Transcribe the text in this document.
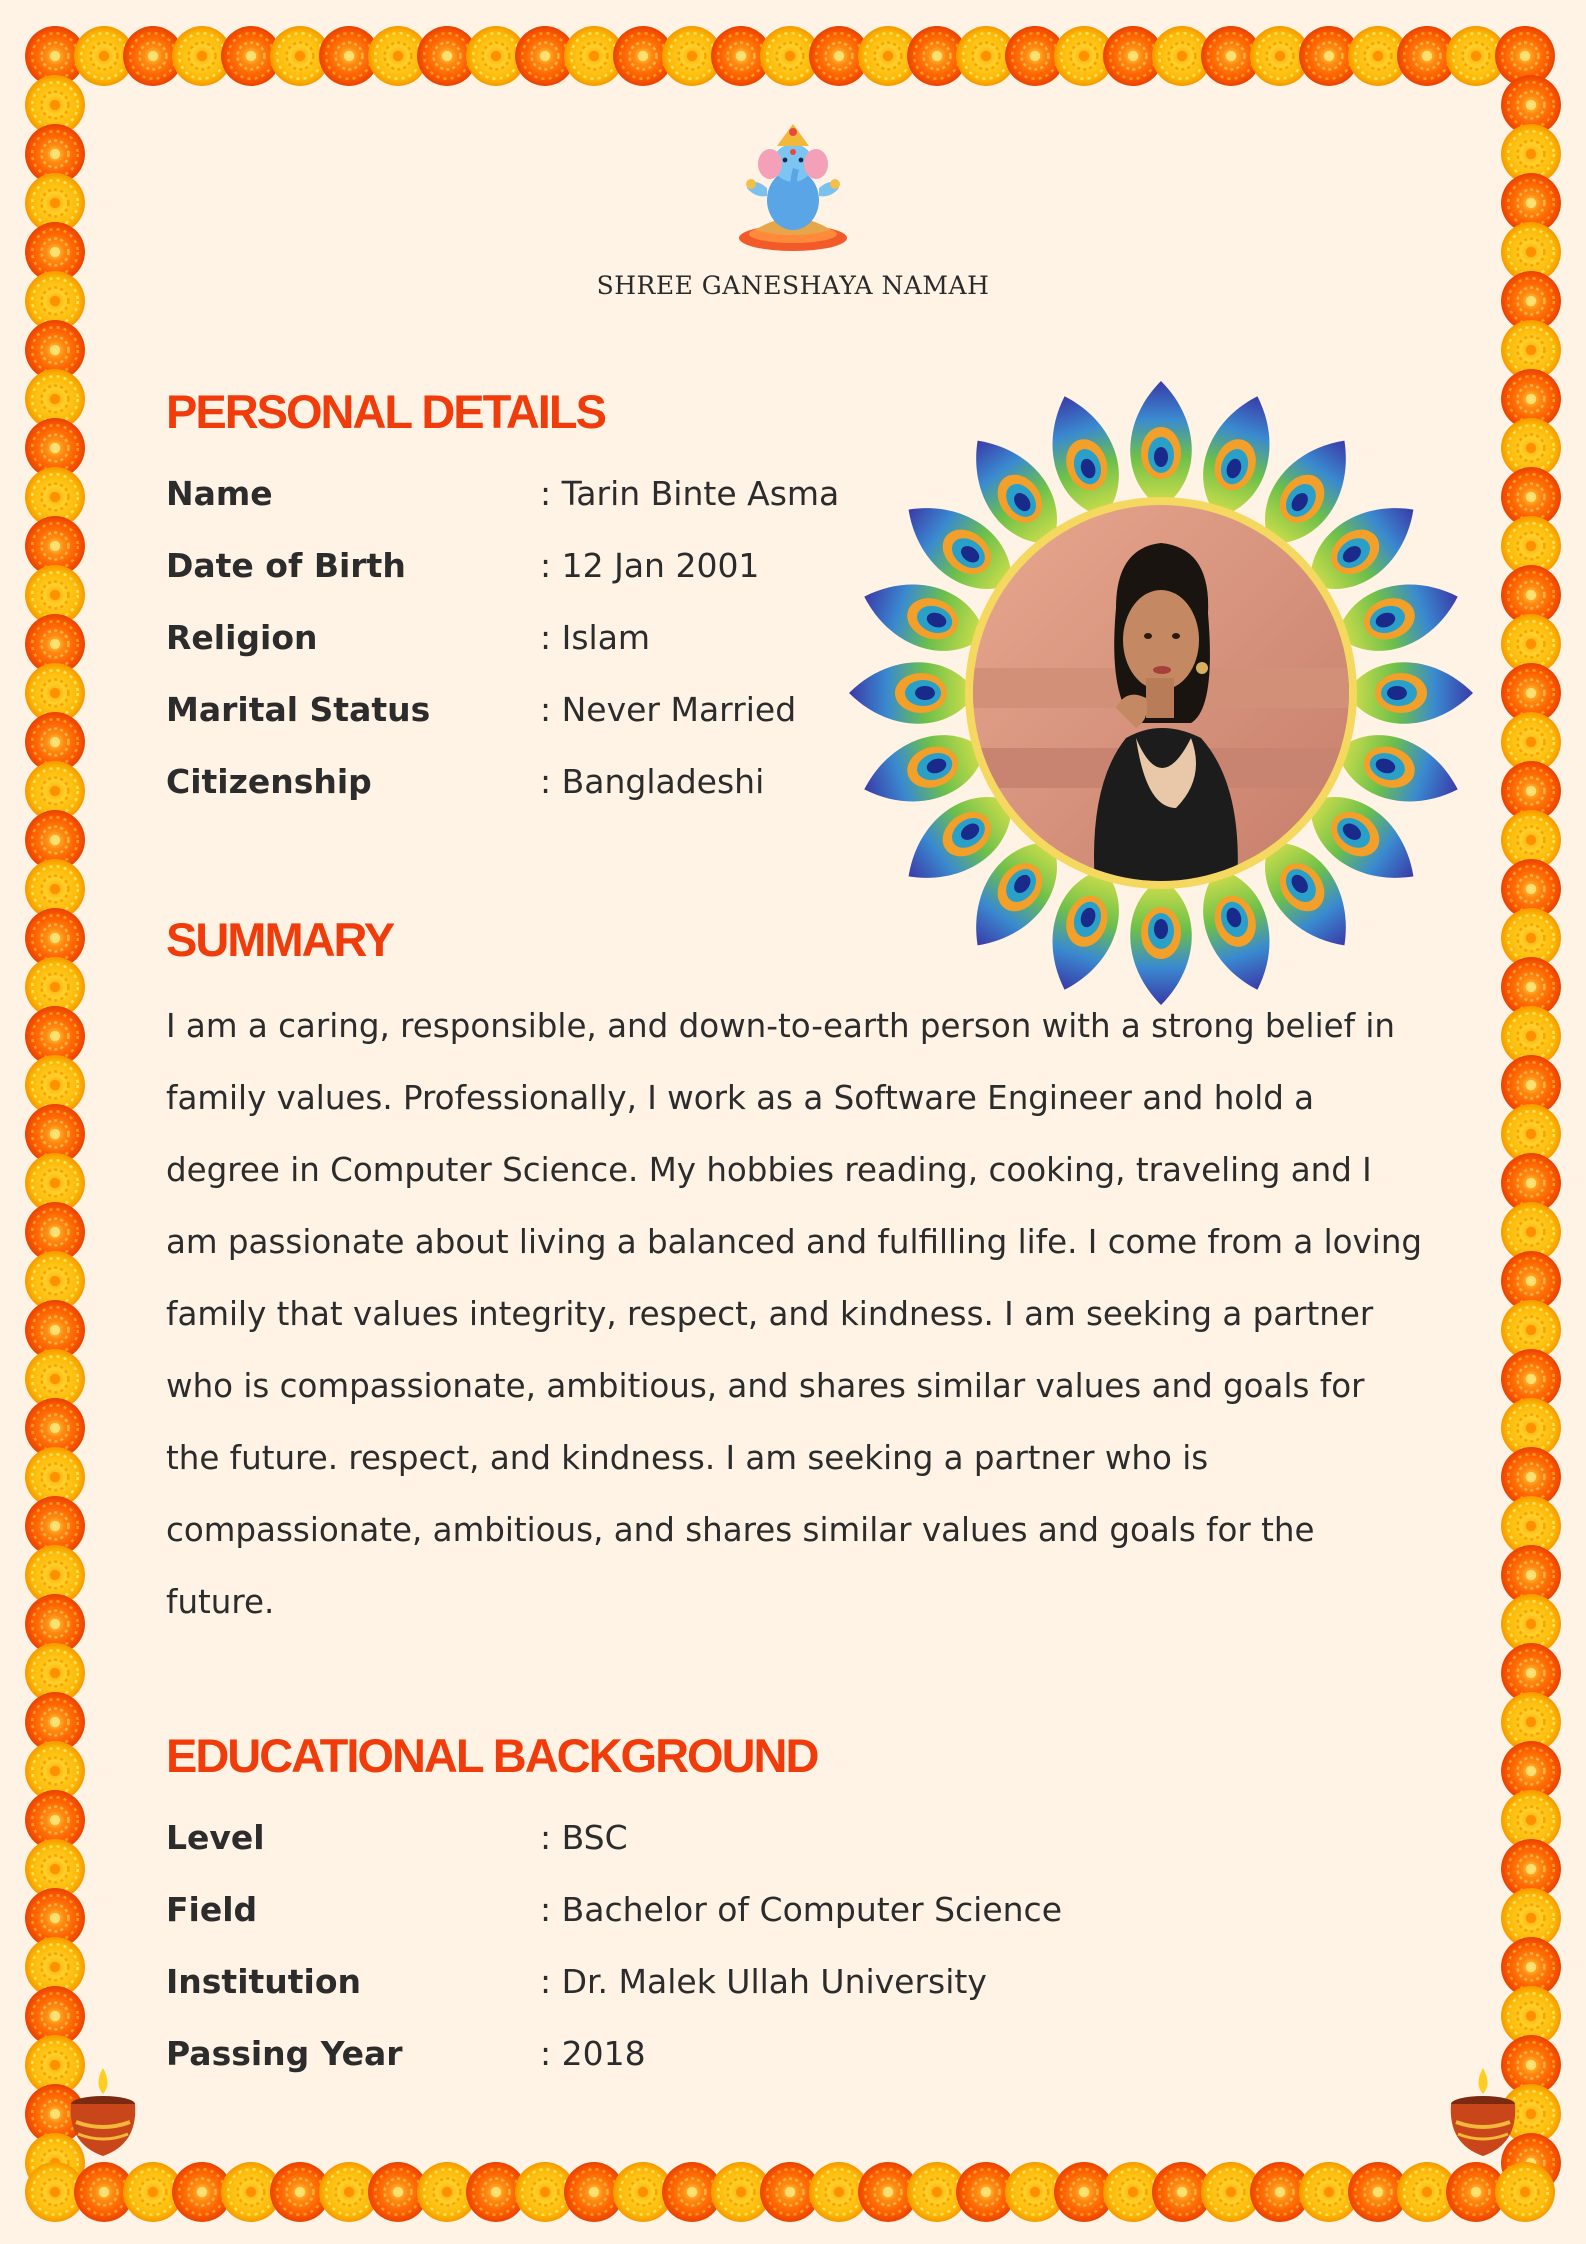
SHREE GANESHAYA NAMAH
PERSONAL DETAILS
Name	: Tarin Binte Asma
Date of Birth	: 12 Jan 2001
Religion	: Islam
Marital Status	: Never Married
Citizenship	: Bangladeshi
SUMMARY

I am a caring, responsible, and down-to-earth person with a strong belief in family values. Professionally, I work as a Software Engineer and hold a degree in Computer Science. My hobbies reading, cooking, traveling and I am passionate about living a balanced and fulfilling life. I come from a loving family that values integrity, respect, and kindness. I am seeking a partner who is compassionate, ambitious, and shares similar values and goals for the future. respect, and kindness. I am seeking a partner who is compassionate, ambitious, and shares similar values and goals for the future.

EDUCATIONAL BACKGROUND
Level	: BSC
Field	: Bachelor of Computer Science
Institution	: Dr. Malek Ullah University
Passing Year	: 2018
